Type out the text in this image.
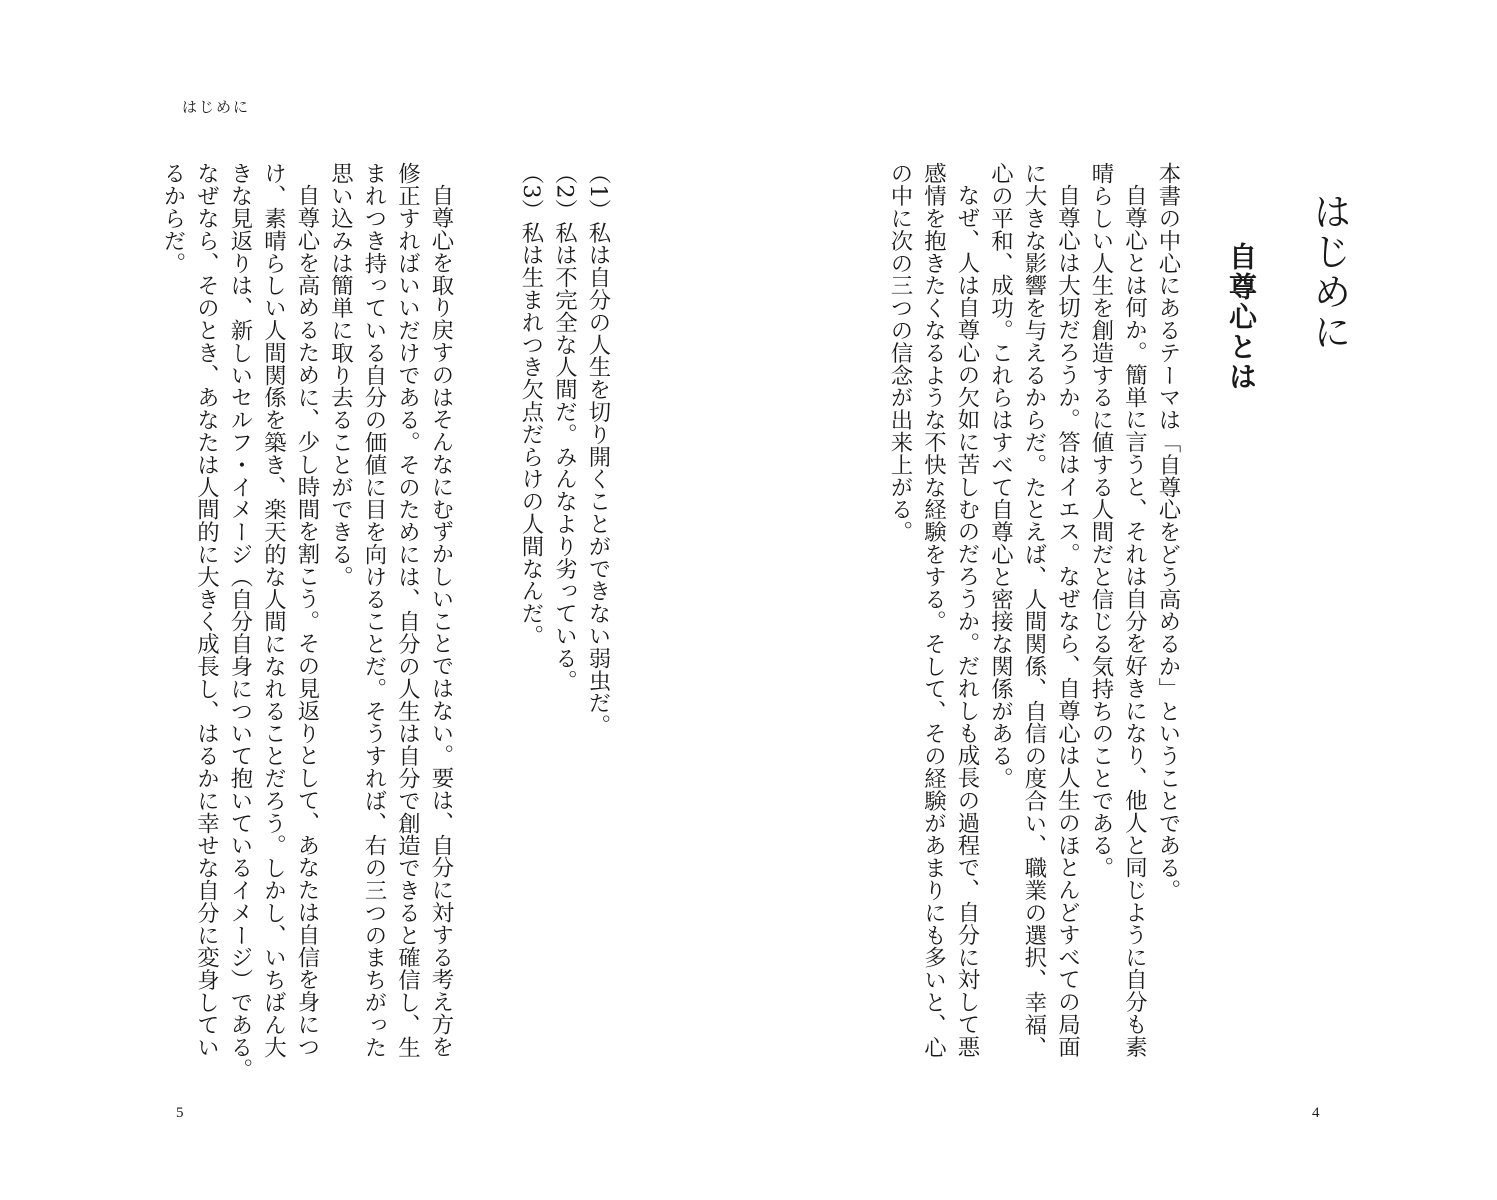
はじめに
4
5
はじめに
自尊心とは
本書の中心にあるテーマは「自尊心をどう高めるか」ということである。
自尊心とは何か。簡単に言うと、それは自分を好きになり、他人と同じように自分も素
晴らしい人生を創造するに値する人間だと信じる気持ちのことである。
自尊心は大切だろうか。答はイエス。なぜなら、自尊心は人生のほとんどすべての局面
に大きな影響を与えるからだ。たとえば、人間関係、自信の度合い、職業の選択、幸福、
心の平和、成功。これらはすべて自尊心と密接な関係がある。
なぜ、人は自尊心の欠如に苦しむのだろうか。だれしも成長の過程で、自分に対して悪
感情を抱きたくなるような不快な経験をする。そして、その経験があまりにも多いと、心
の中に次の三つの信念が出来上がる。
（1）私は自分の人生を切り開くことができない弱虫だ。
（2）私は不完全な人間だ。みんなより劣っている。
（3）私は生まれつき欠点だらけの人間なんだ。
自尊心を取り戻すのはそんなにむずかしいことではない。要は、自分に対する考え方を
修正すればいいだけである。そのためには、自分の人生は自分で創造できると確信し、生
まれつき持っている自分の価値に目を向けることだ。そうすれば、右の三つのまちがった
思い込みは簡単に取り去ることができる。
自尊心を高めるために、少し時間を割こう。その見返りとして、あなたは自信を身につ
け、素晴らしい人間関係を築き、楽天的な人間になれることだろう。しかし、いちばん大
きな見返りは、新しいセルフ・イメージ（自分自身について抱いているイメージ）である。
なぜなら、そのとき、あなたは人間的に大きく成長し、はるかに幸せな自分に変身してい
るからだ。
